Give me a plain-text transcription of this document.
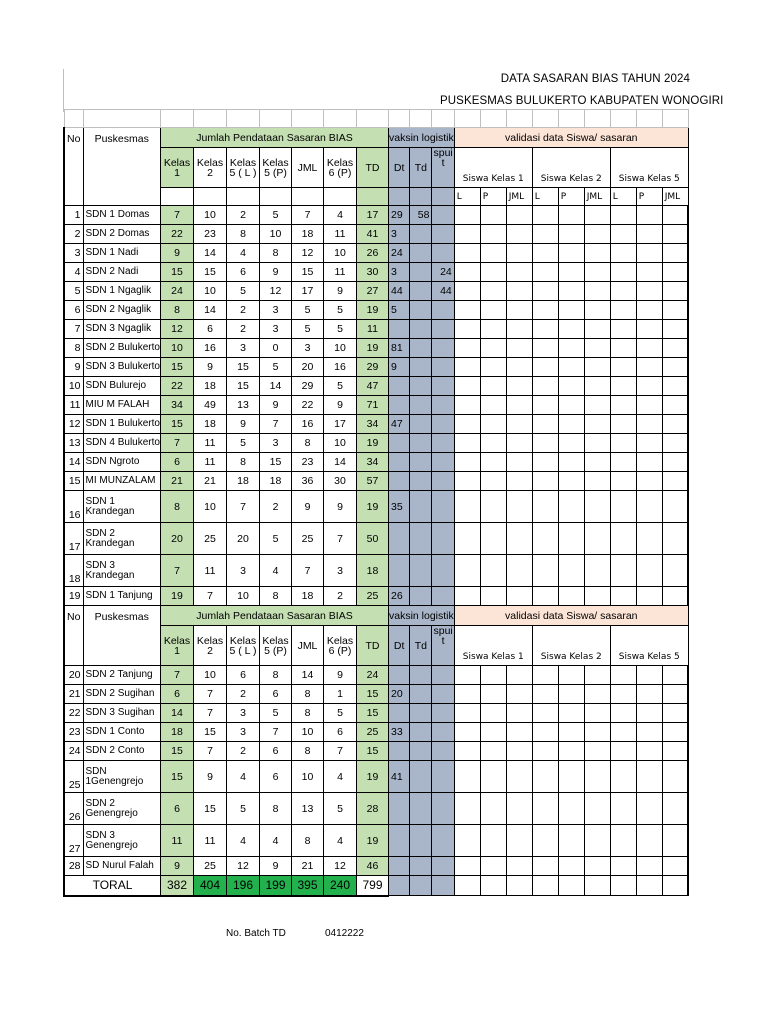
DATA SASARAN BIAS TAHUN 2024
PUSKESMAS BULUKERTO KABUPATEN WONOGIRI

No	Puskesmas	Jumlah Pendataan Sasaran BIAS							vaksin logistik			validasi data Siswa/ sasaran								
		Kelas 1	Kelas 2	Kelas 5 ( L )	Kelas 5 (P)	JML	Kelas 6 (P)	TD	Dt	Td	spui t	Siswa Kelas 1			Siswa Kelas 2			Siswa Kelas 5		
												L	P	JML	L	P	JML	L	P	JML
1	SDN 1 Domas	7	10	2	5	7	4	17	29	58										
2	SDN 2 Domas	22	23	8	10	18	11	41	3											
3	SDN 1 Nadi	9	14	4	8	12	10	26	24											
4	SDN 2 Nadi	15	15	6	9	15	11	30	3		24									
5	SDN 1 Ngaglik	24	10	5	12	17	9	27	44		44									
6	SDN 2 Ngaglik	8	14	2	3	5	5	19	5											
7	SDN 3 Ngaglik	12	6	2	3	5	5	11												
8	SDN 2 Bulukerto	10	16	3	0	3	10	19	81											
9	SDN 3 Bulukerto	15	9	15	5	20	16	29	9											
10	SDN Bulurejo	22	18	15	14	29	5	47												
11	MIU M FALAH	34	49	13	9	22	9	71												
12	SDN 1 Bulukerto	15	18	9	7	16	17	34	47											
13	SDN 4 Bulukerto	7	11	5	3	8	10	19												
14	SDN Ngroto	6	11	8	15	23	14	34												
15	MI MUNZALAM	21	21	18	18	36	30	57												
16	SDN 1 Krandegan	8	10	7	2	9	9	19	35											
17	SDN 2 Krandegan	20	25	20	5	25	7	50												
18	SDN 3 Krandegan	7	11	3	4	7	3	18												
19	SDN 1 Tanjung	19	7	10	8	18	2	25	26											
No	Puskesmas	Jumlah Pendataan Sasaran BIAS							vaksin logistik			validasi data Siswa/ sasaran								
		Kelas 1	Kelas 2	Kelas 5 ( L )	Kelas 5 (P)	JML	Kelas 6 (P)	TD	Dt	Td	spui t	Siswa Kelas 1			Siswa Kelas 2			Siswa Kelas 5		
20	SDN 2 Tanjung	7	10	6	8	14	9	24												
21	SDN 2 Sugihan	6	7	2	6	8	1	15	20											
22	SDN 3 Sugihan	14	7	3	5	8	5	15												
23	SDN 1 Conto	18	15	3	7	10	6	25	33											
24	SDN 2 Conto	15	7	2	6	8	7	15												
25	SDN 1Genengrejo	15	9	4	6	10	4	19	41											
26	SDN 2 Genengrejo	6	15	5	8	13	5	28												
27	SDN 3 Genengrejo	11	11	4	4	8	4	19												
28	SD Nurul Falah	9	25	12	9	21	12	46												
TORAL		382	404	196	199	395	240	799												
No. Batch TD	0412222
